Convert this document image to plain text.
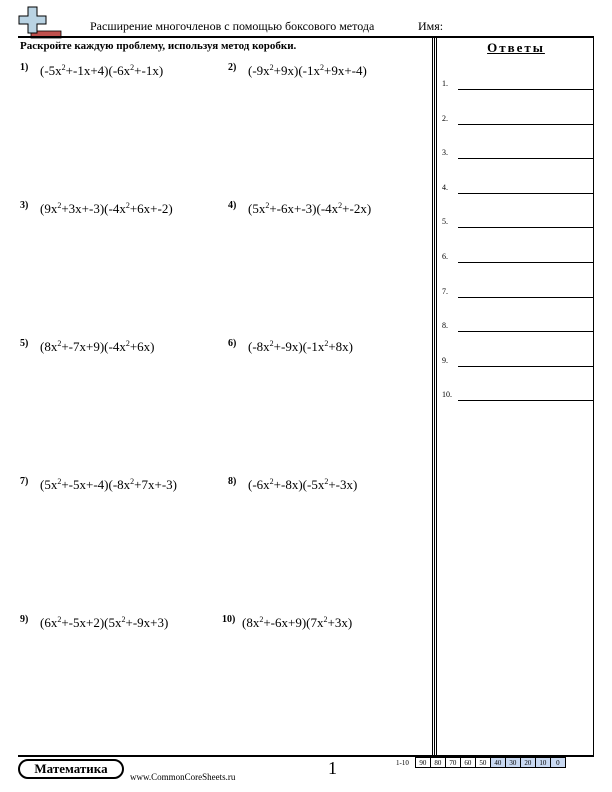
Расширение многочленов с помощью боксового метода	Имя:
Раскройте каждую проблему, используя метод коробки.
1) $(-5x^2+-1x+4)(-6x^2+-1x)$	2) $(-9x^2+9x)(-1x^2+9x+-4)$
3) $(9x^2+3x+-3)(-4x^2+6x+-2)$	4) $(5x^2+-6x+-3)(-4x^2+-2x)$
5) $(8x^2+-7x+9)(-4x^2+6x)$	6) $(-8x^2+-9x)(-1x^2+8x)$
7) $(5x^2+-5x+-4)(-8x^2+7x+-3)$	8) $(-6x^2+-8x)(-5x^2+-3x)$
9) $(6x^2+-5x+2)(5x^2+-9x+3)$	10) $(8x^2+-6x+9)(7x^2+3x)$
Ответы
1.
2.
3.
4.
5.
6.
7.
8.
9.
10.
Математика
www.CommonCoreSheets.ru	1	1-10	90	80	70	60	50	40	30	20	10	0
